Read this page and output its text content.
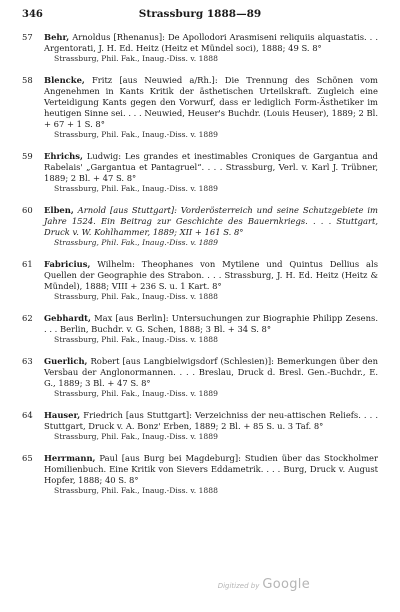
346	Strassburg 1888—89
57	Behr, Arnoldus [Rhenanus]: De Apollodori Arasmiseni reliquiis alquastatis. . . Argentorati, J. H. Ed. Heitz (Heitz et Mündel soci), 1888; 49 S. 8°
Strassburg, Phil. Fak., Inaug.-Diss. v. 1888
58	Blencke, Fritz [aus Neuwied a/Rh.]: Die Trennung des Schönen vom Angenehmen in Kants Kritik der ästhetischen Urteilskraft. Zugleich eine Verteidigung Kants gegen den Vorwurf, dass er lediglich Form-Ästhetiker im heutigen Sinne sei. . . . Neuwied, Heuser's Buchdr. (Louis Heuser), 1889; 2 Bl. + 67 + 1 S. 8°
Strassburg, Phil. Fak., Inaug.-Diss. v. 1889
59	Ehrichs, Ludwig: Les grandes et inestimables Croniques de Gargantua and Rabelais' „Gargantua et Pantagruel“. . . . Strassburg, Verl. v. Karl J. Trübner, 1889; 2 Bl. + 47 S. 8°
Strassburg, Phil. Fak., Inaug.-Diss. v. 1889
60	Elben, Arnold [aus Stuttgart]: Vorderösterreich und seine Schutzgebiete im Jahre 1524. Ein Beitrag zur Geschichte des Bauernkriegs. . . . Stuttgart, Druck v. W. Kohlhammer, 1889; XII + 161 S. 8°
Strassburg, Phil. Fak., Inaug.-Diss. v. 1889
61	Fabricius, Wilhelm: Theophanes von Mytilene und Quintus Dellius als Quellen der Geographie des Strabon. . . . Strassburg, J. H. Ed. Heitz (Heitz & Mündel), 1888; VIII + 236 S. u. 1 Kart. 8°
Strassburg, Phil. Fak., Inaug.-Diss. v. 1888
62	Gebhardt, Max [aus Berlin]: Untersuchungen zur Biographie Philipp Zesens. . . . Berlin, Buchdr. v. G. Schen, 1888; 3 Bl. + 34 S. 8°
Strassburg, Phil. Fak., Inaug.-Diss. v. 1888
63	Guerlich, Robert [aus Langbielwigsdorf (Schlesien)]: Bemerkungen über den Versbau der Anglonormannen. . . . Breslau, Druck d. Bresl. Gen.-Buchdr., E. G., 1889; 3 Bl. + 47 S. 8°
Strassburg, Phil. Fak., Inaug.-Diss. v. 1889
64	Hauser, Friedrich [aus Stuttgart]: Verzeichniss der neu-attischen Reliefs. . . . Stuttgart, Druck v. A. Bonz' Erben, 1889; 2 Bl. + 85 S. u. 3 Taf. 8°
Strassburg, Phil. Fak., Inaug.-Diss. v. 1889
65	Herrmann, Paul [aus Burg bei Magdeburg]: Studien über das Stockholmer Homilienbuch. Eine Kritik von Sievers Eddametrik. . . . Burg, Druck v. August Hopfer, 1888; 40 S. 8°
Strassburg, Phil. Fak., Inaug.-Diss. v. 1888
Digitized by Google
